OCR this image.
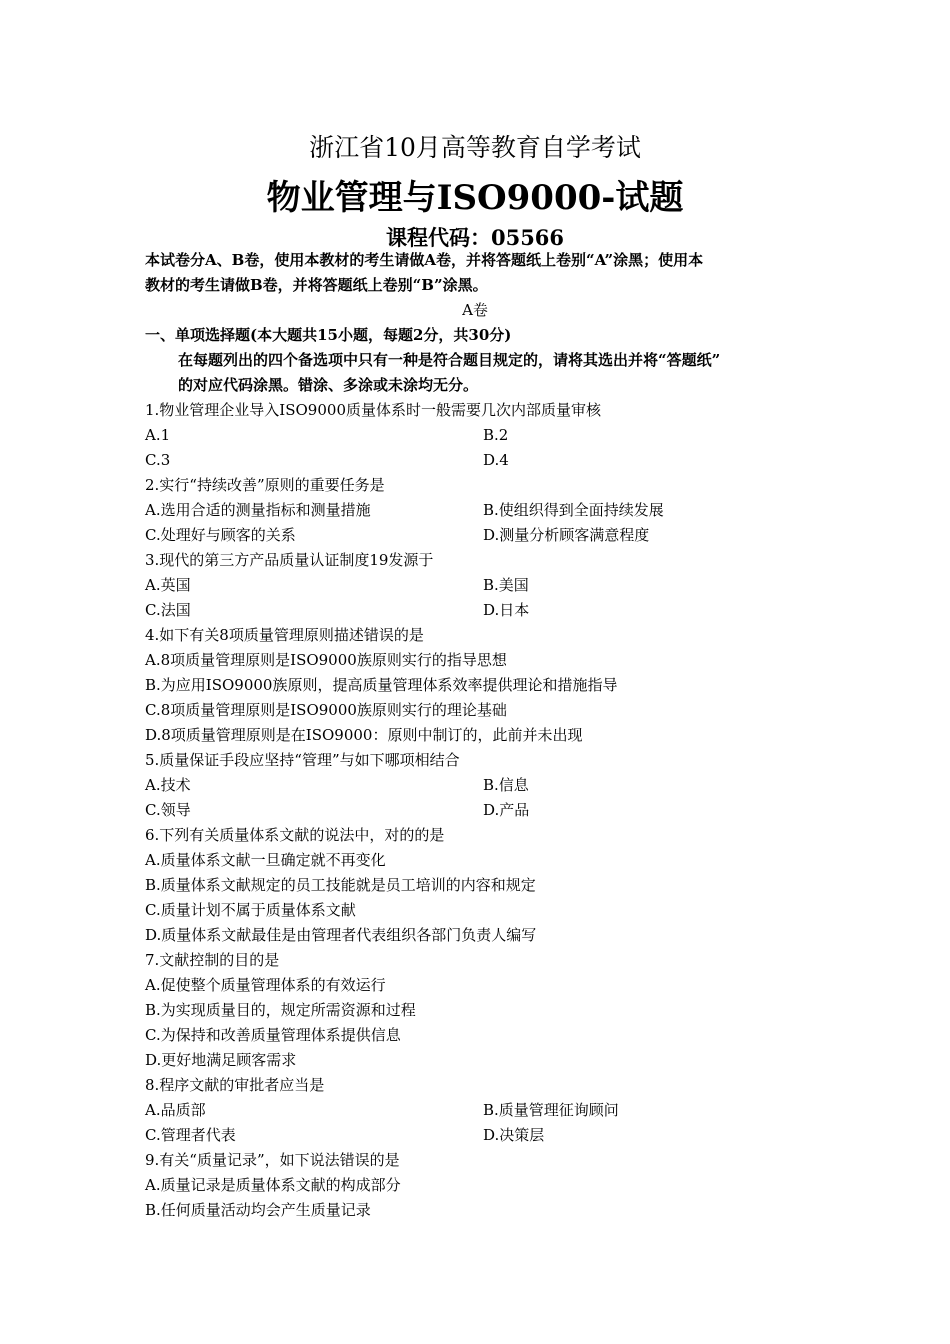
浙江省10月高等教育自学考试
物业管理与ISO9000-试题
课程代码：05566
本试卷分A、B卷，使用本教材的考生请做A卷，并将答题纸上卷别“A”涂黑；使用本
教材的考生请做B卷，并将答题纸上卷别“B”涂黑。
A卷
一、单项选择题(本大题共15小题，每题2分，共30分)
在每题列出的四个备选项中只有一种是符合题目规定的，请将其选出并将“答题纸”
的对应代码涂黑。错涂、多涂或未涂均无分。
1.物业管理企业导入ISO9000质量体系时一般需要几次内部质量审核
A.1	B.2
C.3	D.4
2.实行“持续改善”原则的重要任务是
A.选用合适的测量指标和测量措施	B.使组织得到全面持续发展
C.处理好与顾客的关系	D.测量分析顾客满意程度
3.现代的第三方产品质量认证制度19发源于
A.英国	B.美国
C.法国	D.日本
4.如下有关8项质量管理原则描述错误的是
A.8项质量管理原则是ISO9000族原则实行的指导思想
B.为应用ISO9000族原则，提高质量管理体系效率提供理论和措施指导
C.8项质量管理原则是ISO9000族原则实行的理论基础
D.8项质量管理原则是在ISO9000：原则中制订的，此前并未出现
5.质量保证手段应坚持“管理”与如下哪项相结合
A.技术	B.信息
C.领导	D.产品
6.下列有关质量体系文献的说法中，对的的是
A.质量体系文献一旦确定就不再变化
B.质量体系文献规定的员工技能就是员工培训的内容和规定
C.质量计划不属于质量体系文献
D.质量体系文献最佳是由管理者代表组织各部门负责人编写
7.文献控制的目的是
A.促使整个质量管理体系的有效运行
B.为实现质量目的，规定所需资源和过程
C.为保持和改善质量管理体系提供信息
D.更好地满足顾客需求
8.程序文献的审批者应当是
A.品质部	B.质量管理征询顾问
C.管理者代表	D.决策层
9.有关“质量记录”，如下说法错误的是
A.质量记录是质量体系文献的构成部分
B.任何质量活动均会产生质量记录
